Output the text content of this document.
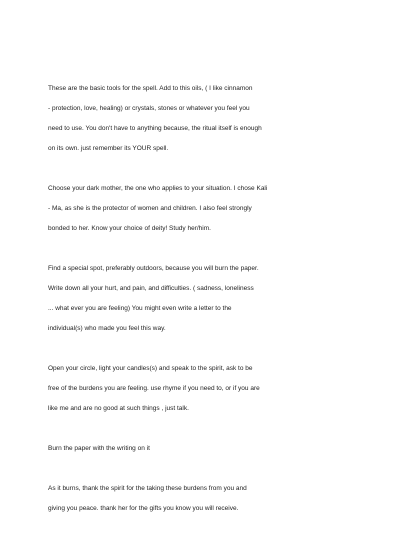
These are the basic tools for the spell. Add to this oils, ( I like cinnamon
- protection, love, healing) or crystals, stones or whatever you feel you
need to use. You don't have to anything because, the ritual itself is enough
on its own. just remember its YOUR spell.
Choose your dark mother, the one who applies to your situation. I chose Kali
- Ma, as she is the protector of women and children. I also feel strongly
bonded to her. Know your choice of deity! Study her/him.
Find a special spot, preferably outdoors, because you will burn the paper.
Write down all your hurt, and pain, and difficulties. ( sadness, loneliness
... what ever you are feeling) You might even write a letter to the
individual(s) who made you feel this way.
Open your circle, light your candles(s) and speak to the spirit, ask to be
free of the burdens you are feeling. use rhyme if you need to, or if you are
like me and are no good at such things , just talk.
Burn the paper with the writing on it
As it burns, thank the spirit for the taking these burdens from you and
giving you peace. thank her for the gifts you know you will receive.
